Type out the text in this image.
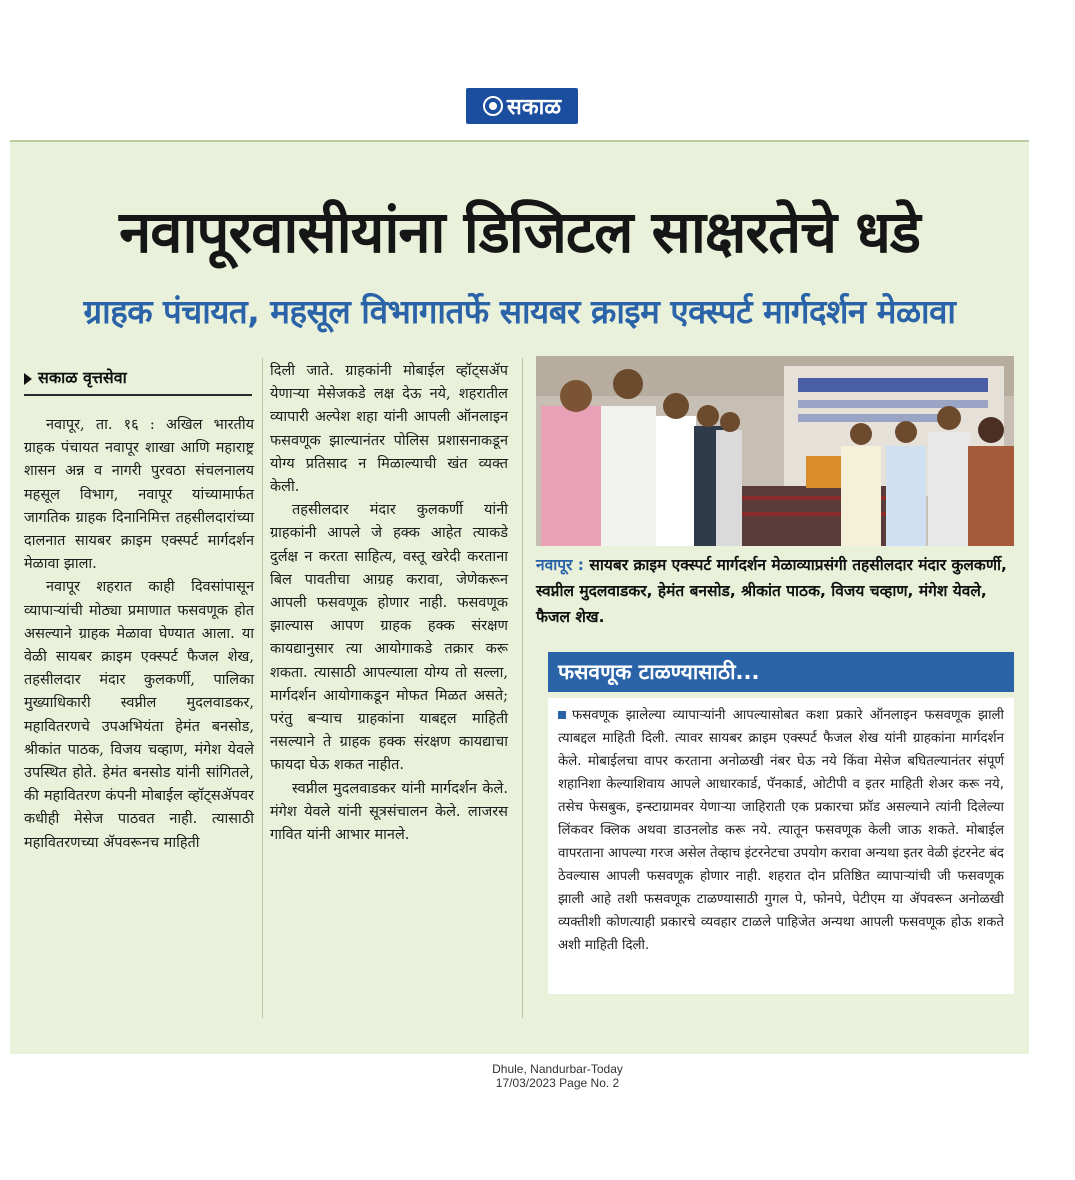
सकाळ
नवापूरवासीयांना डिजिटल साक्षरतेचे धडे
ग्राहक पंचायत, महसूल विभागातर्फे सायबर क्राइम एक्स्पर्ट मार्गदर्शन मेळावा
सकाळ वृत्तसेवा

नवापूर, ता. १६ : अखिल भारतीय ग्राहक पंचायत नवापूर शाखा आणि महाराष्ट्र शासन अन्न व नागरी पुरवठा संचलनालय महसूल विभाग, नवापूर यांच्यामार्फत जागतिक ग्राहक दिनानिमित्त तहसीलदारांच्या दालनात सायबर क्राइम एक्स्पर्ट मार्गदर्शन मेळावा झाला.

नवापूर शहरात काही दिवसांपासून व्यापाऱ्यांची मोठ्या प्रमाणात फसवणूक होत असल्याने ग्राहक मेळावा घेण्यात आला. या वेळी सायबर क्राइम एक्स्पर्ट फैजल शेख, तहसीलदार मंदार कुलकर्णी, पालिका मुख्याधिकारी स्वप्नील मुदलवाडकर, महावितरणचे उपअभियंता हेमंत बनसोड, श्रीकांत पाठक, विजय चव्हाण, मंगेश येवले उपस्थित होते. हेमंत बनसोड यांनी सांगितले, की महावितरण कंपनी मोबाईल व्हॉट्सॲपवर कधीही मेसेज पाठवत नाही. त्यासाठी महावितरणच्या ॲपवरूनच माहिती

दिली जाते. ग्राहकांनी मोबाईल व्हॉट्सॲप येणाऱ्या मेसेजकडे लक्ष देऊ नये, शहरातील व्यापारी अल्पेश शहा यांनी आपली ऑनलाइन फसवणूक झाल्यानंतर पोलिस प्रशासनाकडून योग्य प्रतिसाद न मिळाल्याची खंत व्यक्त केली.

तहसीलदार मंदार कुलकर्णी यांनी ग्राहकांनी आपले जे हक्क आहेत त्याकडे दुर्लक्ष न करता साहित्य, वस्तू खरेदी करताना बिल पावतीचा आग्रह करावा, जेणेकरून आपली फसवणूक होणार नाही. फसवणूक झाल्यास आपण ग्राहक हक्क संरक्षण कायद्यानुसार त्या आयोगाकडे तक्रार करू शकता. त्यासाठी आपल्याला योग्य तो सल्ला, मार्गदर्शन आयोगाकडून मोफत मिळत असते; परंतु बऱ्याच ग्राहकांना याबद्दल माहिती नसल्याने ते ग्राहक हक्क संरक्षण कायद्याचा फायदा घेऊ शकत नाहीत.

स्वप्नील मुदलवाडकर यांनी मार्गदर्शन केले. मंगेश येवले यांनी सूत्रसंचालन केले. लाजरस गावित यांनी आभार मानले.

नवापूर : सायबर क्राइम एक्स्पर्ट मार्गदर्शन मेळाव्याप्रसंगी तहसीलदार मंदार कुलकर्णी, स्वप्नील मुदलवाडकर, हेमंत बनसोड, श्रीकांत पाठक, विजय चव्हाण, मंगेश येवले, फैजल शेख.
फसवणूक टाळण्यासाठी...
फसवणूक झालेल्या व्यापाऱ्यांनी आपल्यासोबत कशा प्रकारे ऑनलाइन फसवणूक झाली त्याबद्दल माहिती दिली. त्यावर सायबर क्राइम एक्स्पर्ट फैजल शेख यांनी ग्राहकांना मार्गदर्शन केले. मोबाईलचा वापर करताना अनोळखी नंबर घेऊ नये किंवा मेसेज बघितल्यानंतर संपूर्ण शहानिशा केल्याशिवाय आपले आधारकार्ड, पॅनकार्ड, ओटीपी व इतर माहिती शेअर करू नये, तसेच फेसबुक, इन्स्टाग्रामवर येणाऱ्या जाहिराती एक प्रकारचा फ्रॉड असल्याने त्यांनी दिलेल्या लिंकवर क्लिक अथवा डाउनलोड करू नये. त्यातून फसवणूक केली जाऊ शकते. मोबाईल वापरताना आपल्या गरज असेल तेव्हाच इंटरनेटचा उपयोग करावा अन्यथा इतर वेळी इंटरनेट बंद ठेवल्यास आपली फसवणूक होणार नाही. शहरात दोन प्रतिष्ठित व्यापाऱ्यांची जी फसवणूक झाली आहे तशी फसवणूक टाळण्यासाठी गुगल पे, फोनपे, पेटीएम या ॲपवरून अनोळखी व्यक्तीशी कोणत्याही प्रकारचे व्यवहार टाळले पाहिजेत अन्यथा आपली फसवणूक होऊ शकते अशी माहिती दिली.
Dhule, Nandurbar-Today
17/03/2023 Page No. 2
